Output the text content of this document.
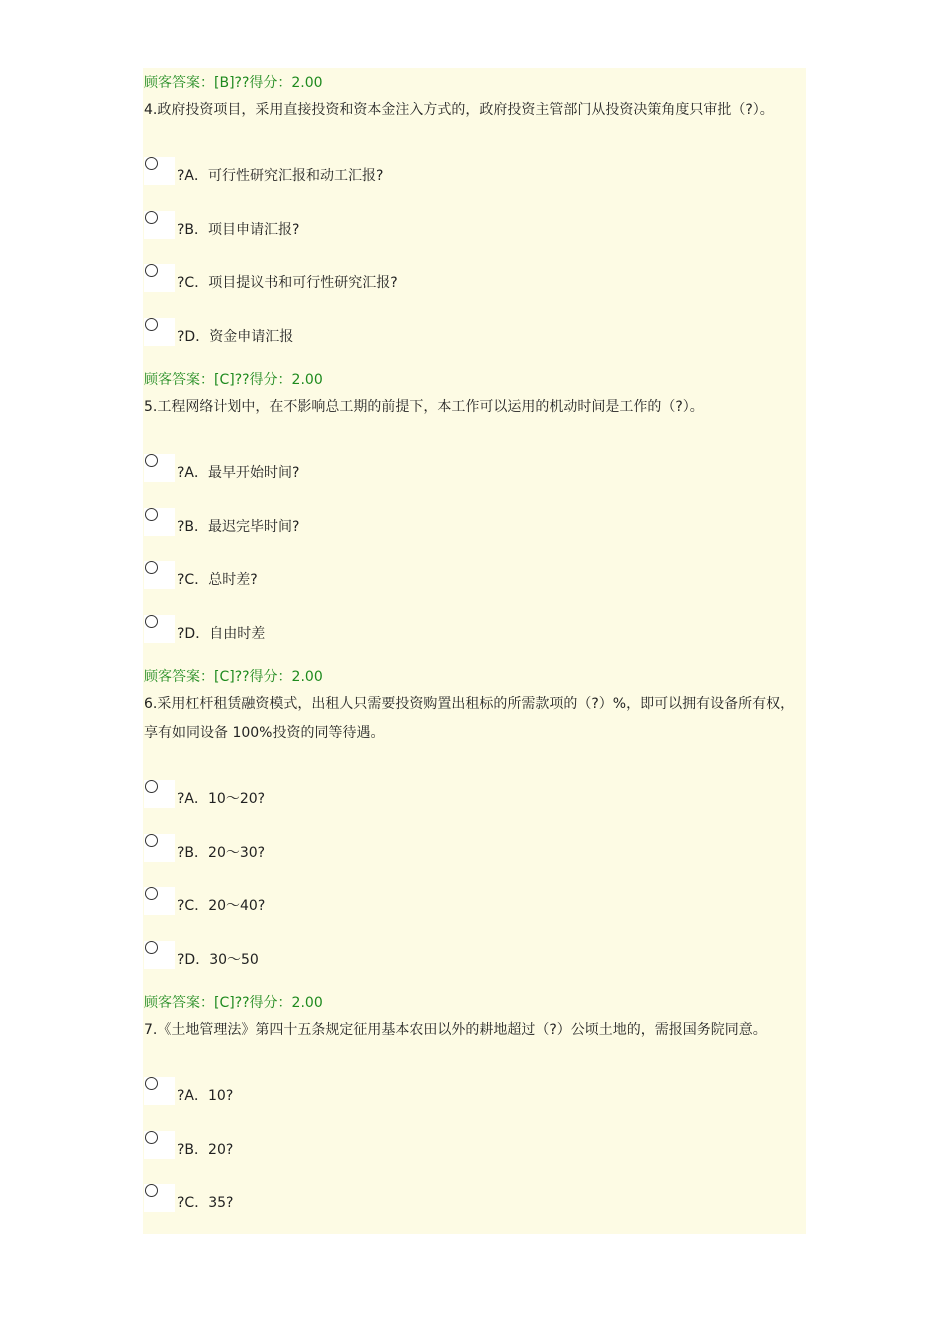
顾客答案：[B]??得分：2.00
4.政府投资项目，采用直接投资和资本金注入方式的，政府投资主管部门从投资决策角度只审批（?）。
?A．可行性研究汇报和动工汇报?
?B．项目申请汇报?
?C．项目提议书和可行性研究汇报?
?D．资金申请汇报
顾客答案：[C]??得分：2.00
5.工程网络计划中，在不影响总工期的前提下，本工作可以运用的机动时间是工作的（?）。
?A．最早开始时间?
?B．最迟完毕时间?
?C．总时差?
?D．自由时差
顾客答案：[C]??得分：2.00
6.采用杠杆租赁融资模式，出租人只需要投资购置出租标的所需款项的（?）%，即可以拥有设备所有权，享有如同设备 100%投资的同等待遇。
?A．10～20?
?B．20～30?
?C．20～40?
?D．30～50
顾客答案：[C]??得分：2.00
7.《土地管理法》第四十五条规定征用基本农田以外的耕地超过（?）公顷土地的，需报国务院同意。
?A．10?
?B．20?
?C．35?
